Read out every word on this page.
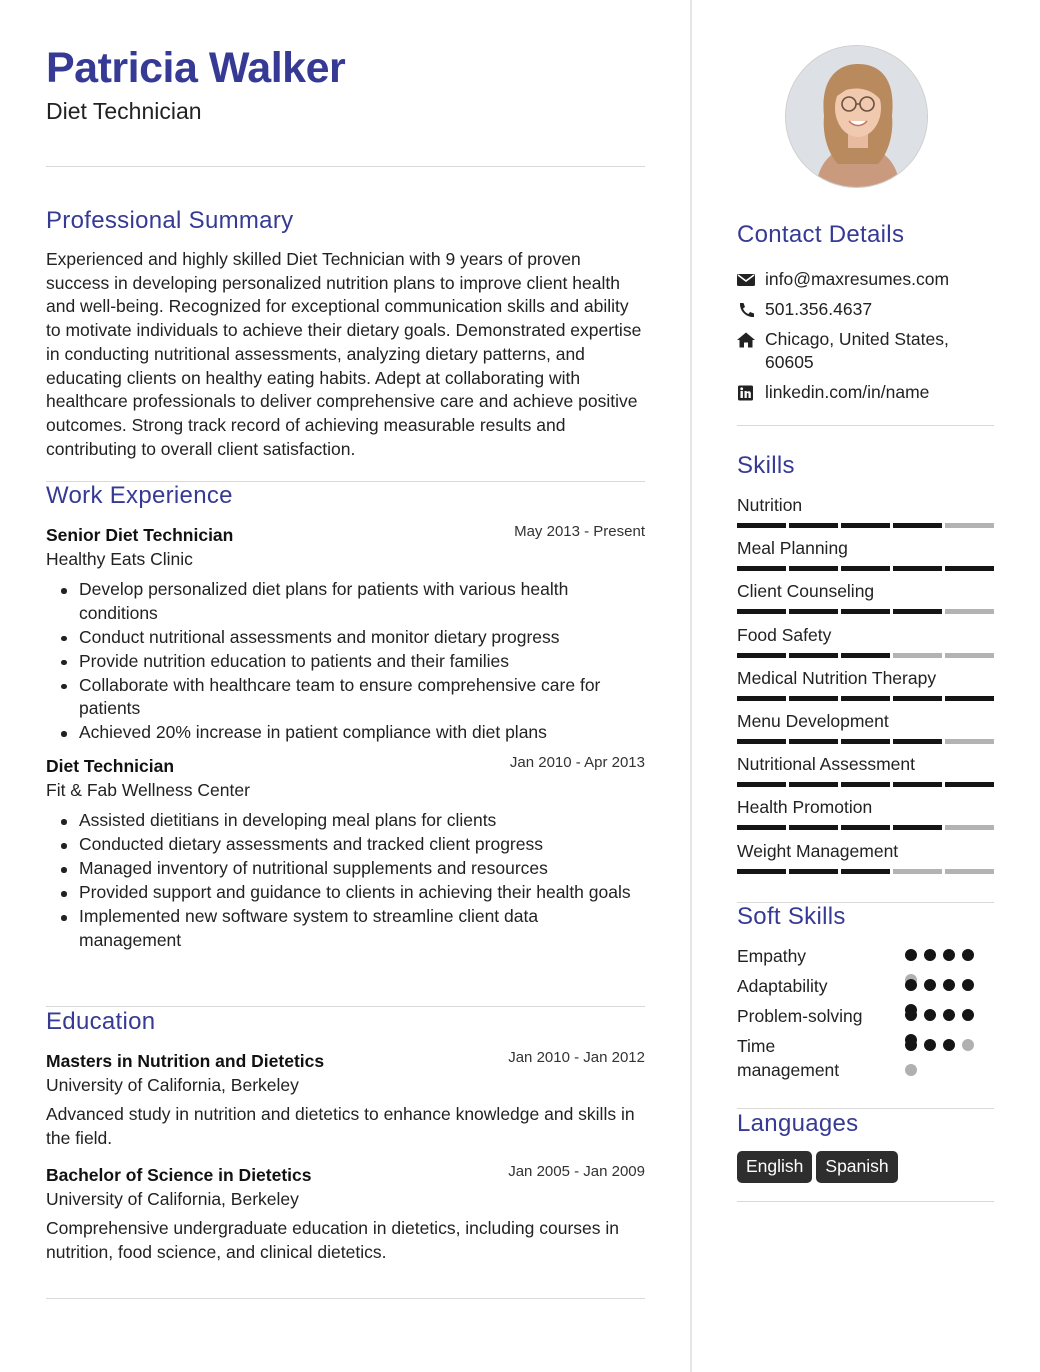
Patricia Walker
Diet Technician
Professional Summary
Experienced and highly skilled Diet Technician with 9 years of proven success in developing personalized nutrition plans to improve client health and well-being. Recognized for exceptional communication skills and ability to motivate individuals to achieve their dietary goals. Demonstrated expertise in conducting nutritional assessments, analyzing dietary patterns, and educating clients on healthy eating habits. Adept at collaborating with healthcare professionals to deliver comprehensive care and achieve positive outcomes. Strong track record of achieving measurable results and contributing to overall client satisfaction.
Work Experience
Senior Diet Technician	May 2013 - Present
Healthy Eats Clinic
Develop personalized diet plans for patients with various health conditions
Conduct nutritional assessments and monitor dietary progress
Provide nutrition education to patients and their families
Collaborate with healthcare team to ensure comprehensive care for patients
Achieved 20% increase in patient compliance with diet plans
Diet Technician	Jan 2010 - Apr 2013
Fit & Fab Wellness Center
Assisted dietitians in developing meal plans for clients
Conducted dietary assessments and tracked client progress
Managed inventory of nutritional supplements and resources
Provided support and guidance to clients in achieving their health goals
Implemented new software system to streamline client data management
Education
Masters in Nutrition and Dietetics	Jan 2010 - Jan 2012
University of California, Berkeley
Advanced study in nutrition and dietetics to enhance knowledge and skills in the field.
Bachelor of Science in Dietetics	Jan 2005 - Jan 2009
University of California, Berkeley
Comprehensive undergraduate education in dietetics, including courses in nutrition, food science, and clinical dietetics.
Contact Details
info@maxresumes.com
501.356.4637
Chicago, United States, 60605
linkedin.com/in/name
Skills
Nutrition
Meal Planning
Client Counseling
Food Safety
Medical Nutrition Therapy
Menu Development
Nutritional Assessment
Health Promotion
Weight Management
Soft Skills
Empathy
Adaptability
Problem-solving
Time management
Languages
English Spanish
